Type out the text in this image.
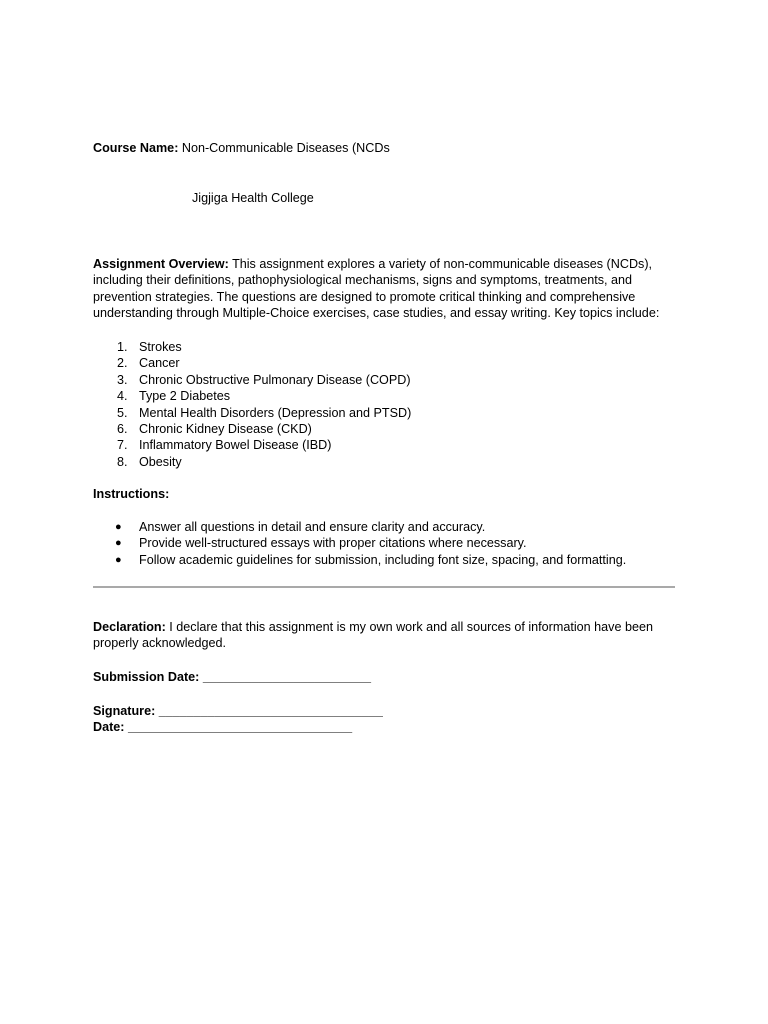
Course Name: Non-Communicable Diseases (NCDs
Jigjiga Health College
Assignment Overview: This assignment explores a variety of non-communicable diseases (NCDs), including their definitions, pathophysiological mechanisms, signs and symptoms, treatments, and prevention strategies. The questions are designed to promote critical thinking and comprehensive understanding through Multiple-Choice exercises, case studies, and essay writing. Key topics include:
1. Strokes
2. Cancer
3. Chronic Obstructive Pulmonary Disease (COPD)
4. Type 2 Diabetes
5. Mental Health Disorders (Depression and PTSD)
6. Chronic Kidney Disease (CKD)
7. Inflammatory Bowel Disease (IBD)
8. Obesity
Instructions:
● Answer all questions in detail and ensure clarity and accuracy.
● Provide well-structured essays with proper citations where necessary.
● Follow academic guidelines for submission, including font size, spacing, and formatting.
Declaration: I declare that this assignment is my own work and all sources of information have been properly acknowledged.
Submission Date: ________________________
Signature: ________________________________
Date: ________________________________
